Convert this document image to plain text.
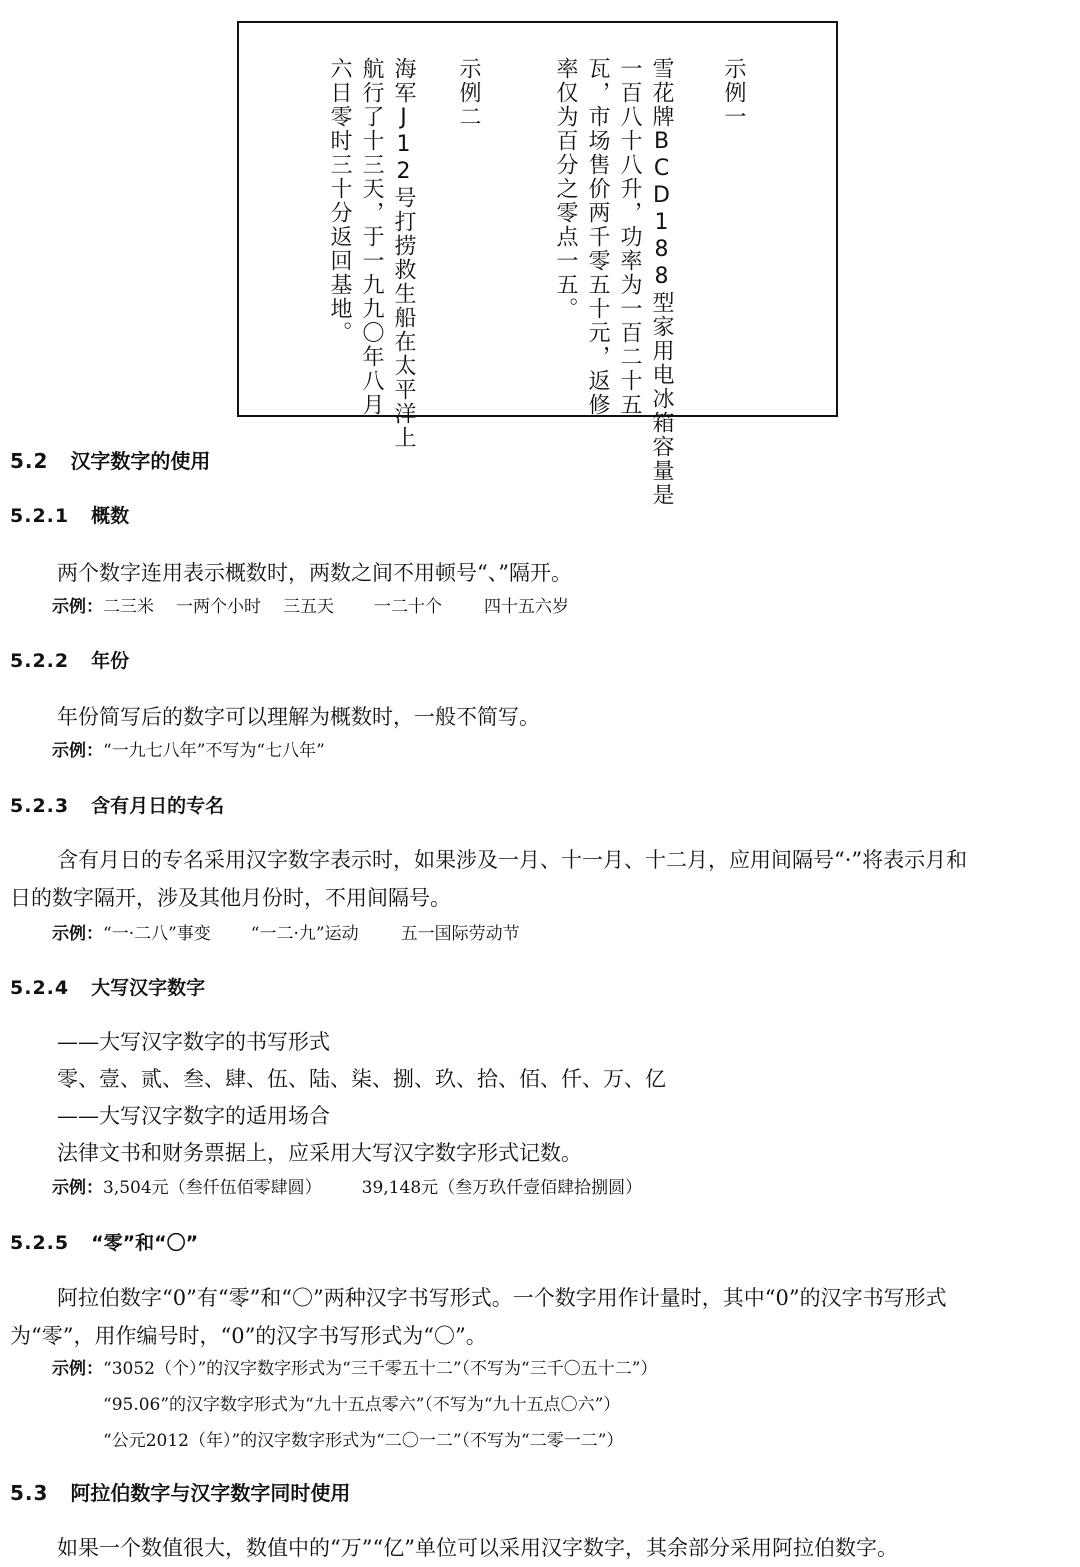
示例一
雪花牌BCD188型家用电冰箱容量是
一百八十八升，功率为一百二十五
瓦，市场售价两千零五十元，返修
率仅为百分之零点一五。
示例二
海军J12号打捞救生船在太平洋上
航行了十三天，于一九九〇年八月
六日零时三十分返回基地。
5.2 汉字数字的使用
5.2.1 概数
两个数字连用表示概数时，两数之间不用顿号“、”隔开。
示例：二三米 一两个小时 三五天 一二十个 四十五六岁
5.2.2 年份
年份简写后的数字可以理解为概数时，一般不简写。
示例：“一九七八年”不写为“七八年”
5.2.3 含有月日的专名
含有月日的专名采用汉字数字表示时，如果涉及一月、十一月、十二月，应用间隔号“·”将表示月和
日的数字隔开，涉及其他月份时，不用间隔号。
示例：“一·二八”事变 “一二·九”运动 五一国际劳动节
5.2.4 大写汉字数字
——大写汉字数字的书写形式
零、壹、贰、叁、肆、伍、陆、柒、捌、玖、拾、佰、仟、万、亿
——大写汉字数字的适用场合
法律文书和财务票据上，应采用大写汉字数字形式记数。
示例：3,504元（叁仟伍佰零肆圆） 39,148元（叁万玖仟壹佰肆拾捌圆）
5.2.5 “零”和“〇”
阿拉伯数字“0”有“零”和“〇”两种汉字书写形式。一个数字用作计量时，其中“0”的汉字书写形式
为“零”，用作编号时，“0”的汉字书写形式为“〇”。
示例：“3052（个）”的汉字数字形式为“三千零五十二”（不写为“三千〇五十二”）
“95.06”的汉字数字形式为“九十五点零六”（不写为“九十五点〇六”）
“公元2012（年）”的汉字数字形式为“二〇一二”（不写为“二零一二”）
5.3 阿拉伯数字与汉字数字同时使用
如果一个数值很大，数值中的“万”“亿”单位可以采用汉字数字，其余部分采用阿拉伯数字。
